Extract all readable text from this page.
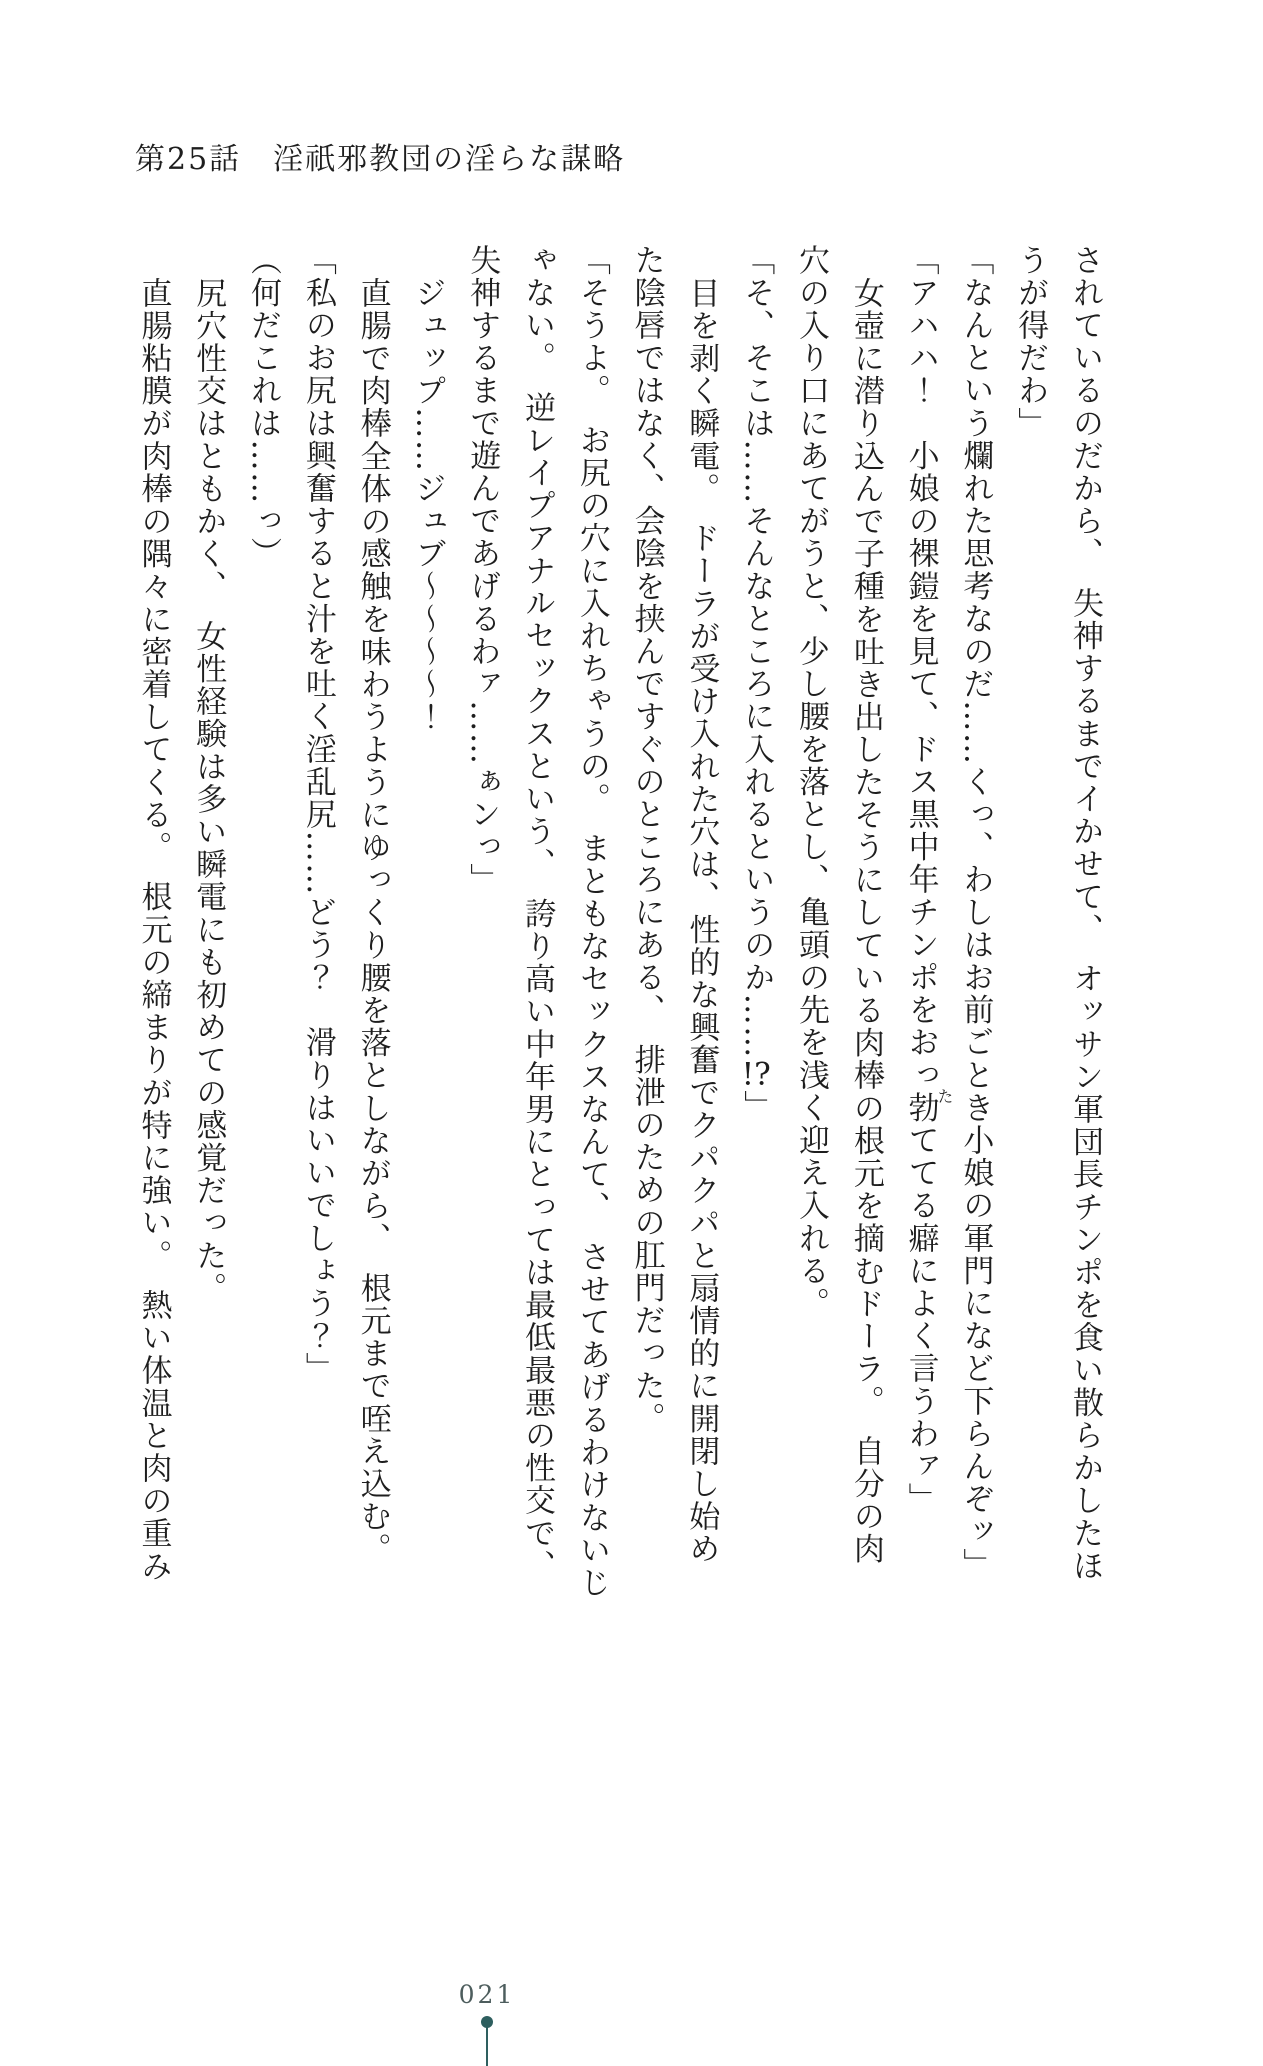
第25話　淫祇邪教団の淫らな謀略
されているのだから、　失神するまでイかせて、　オッサン軍団長チンポを食い散らかしたほ
うが得だわ」
「なんという爛れた思考なのだ……くっ、わしはお前ごとき小娘の軍門になど下らんぞッ」
「アハハ！　小娘の裸鎧を見て、ドス黒中年チンポをおっ勃ててる癖によく言うわァ」
女壺に潜り込んで子種を吐き出したそうにしている肉棒の根元を摘むドーラ。　自分の肉
穴の入り口にあてがうと、少し腰を落とし、亀頭の先を浅く迎え入れる。
「そ、そこは……そんなところに入れるというのか……!?」
目を剥く瞬電。　ドーラが受け入れた穴は、性的な興奮でクパクパと扇情的に開閉し始め
た陰唇ではなく、会陰を挟んですぐのところにある、　排泄のための肛門だった。
「そうよ。　お尻の穴に入れちゃうの。　まともなセックスなんて、　させてあげるわけないじ
ゃない。　逆レイプアナルセックスという、　誇り高い中年男にとっては最低最悪の性交で、
失神するまで遊んであげるわァ……ぁンっ」
ジュップ……ジュブ～～～～！
直腸で肉棒全体の感触を味わうようにゆっくり腰を落としながら、　根元まで咥え込む。
「私のお尻は興奮すると汁を吐く淫乱尻……どう？　滑りはいいでしょう？」
（何だこれは……っ）
尻穴性交はともかく、　女性経験は多い瞬電にも初めての感覚だった。
直腸粘膜が肉棒の隅々に密着してくる。　根元の締まりが特に強い。　熱い体温と肉の重み	た
021
